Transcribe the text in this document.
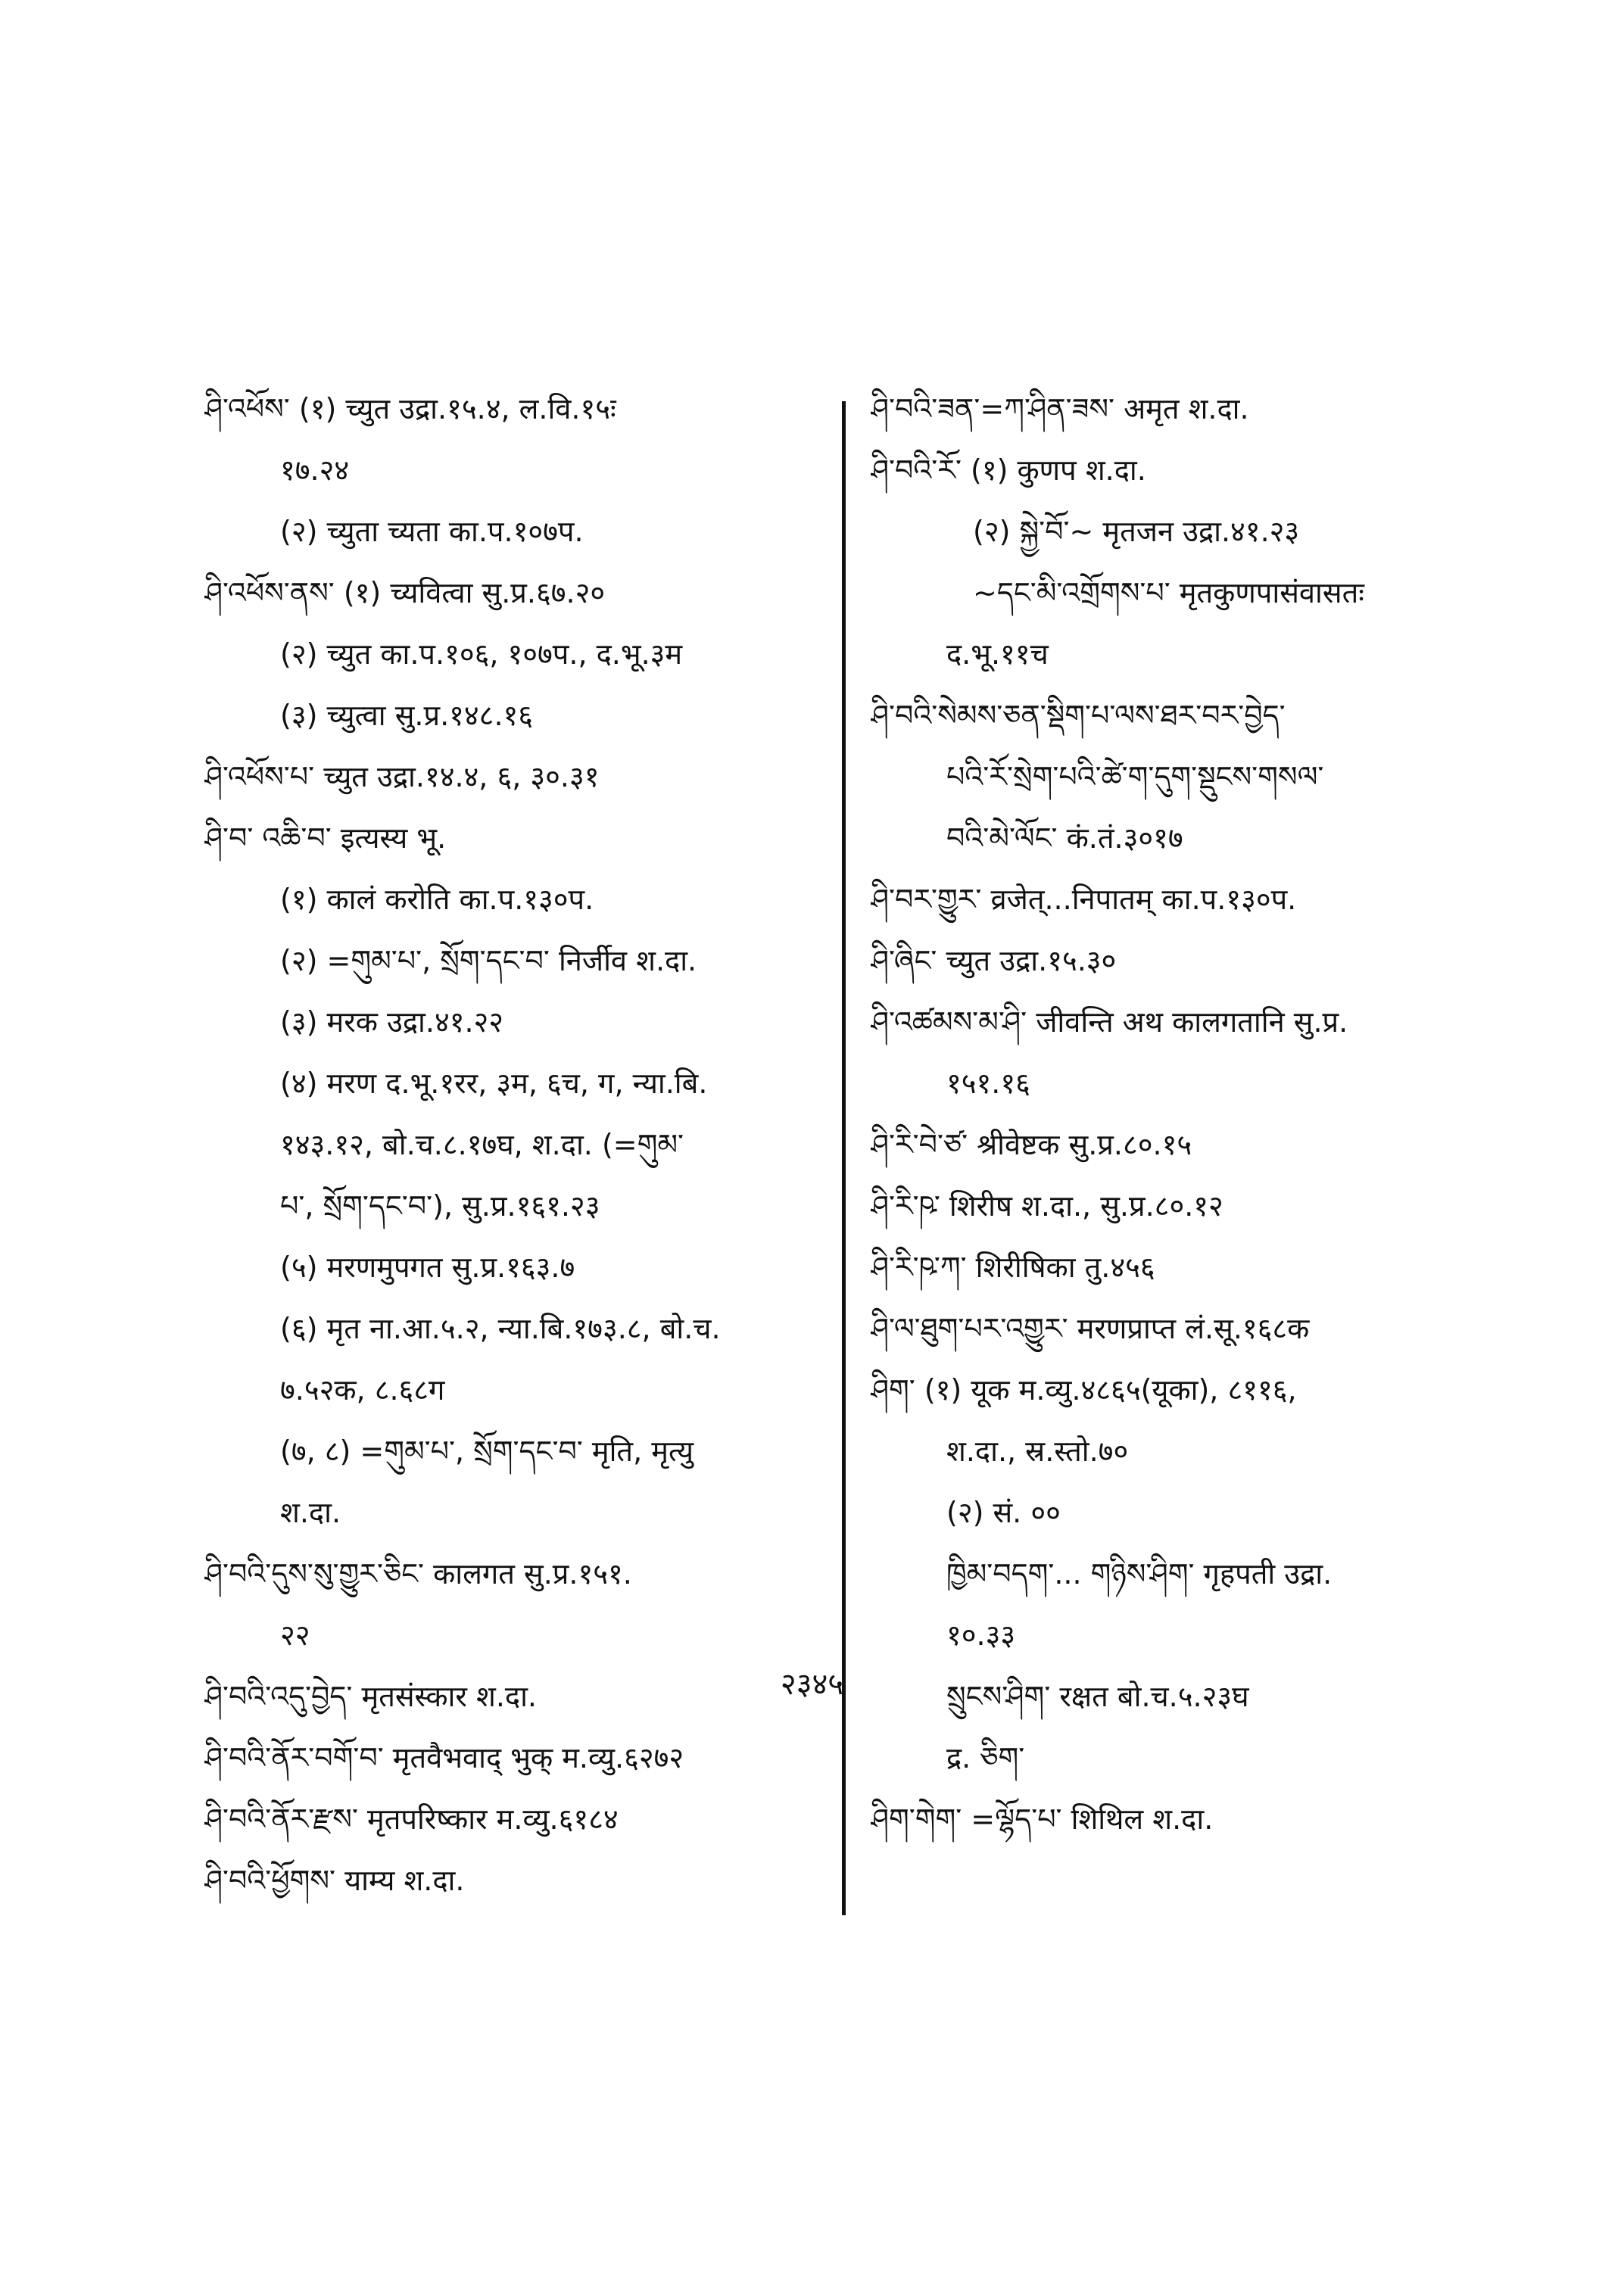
ཤི་འཕོས་ (१) च्युत उद्रा.१५.४, ल.वि.१५ः
१७.२४
(२) च्युता च्यता का.प.१०७प.
ཤི་འཕོས་ནས་ (१) च्यवित्वा सु.प्र.६७.२०
(२) च्युत का.प.१०६, १०७प., द.भू.३म
(३) च्युत्वा सु.प्र.१४८.१६
ཤི་འཕོས་པ་ च्युत उद्रा.१४.४, ६, ३०.३१
ཤི་བ་ འཆི་བ་ इत्यस्य भू.
(१) कालं करोति का.प.१३०प.
(२) =གུམ་པ་, སྲོག་དང་བ་ निर्जीव श.दा.
(३) मरक उद्रा.४१.२२
(४) मरण द.भू.१रर, ३म, ६च, ग, न्या.बि.
१४३.१२, बो.च.८.१७घ, श.दा. (=གུམ་
པ་, སྲོག་དང་བ་), सु.प्र.१६१.२३
(५) मरणमुपगत सु.प्र.१६३.७
(६) मृत ना.आ.५.२, न्या.बि.१७३.८, बो.च.
७.५२क, ८.६८ग
(७, ८) =གུམ་པ་, སྲོག་དང་བ་ मृति, मृत्यु
श.दा.
ཤི་བའི་དུས་སུ་གྱུར་ཅིང་ कालगत सु.प्र.१५१.
२२
ཤི་བའི་འདུ་བྱེད་ मृतसंस्कार श.दा.
ཤི་བའི་ནོར་བགོ་བ་ मृतवैभवाद् भुक् म.व्यु.६२७२
ཤི་བའི་ནོར་རྫས་ मृतपरिष्कार म.व्यु.६१८४
ཤི་བའི་ཕྱོགས་ याम्य श.दा.
ཤི་བའི་ཟན་=ཀ་ཤིན་ཟས་ अमृत श.दा.
ཤི་བའི་རོ་ (१) कुणप श.दा.
(२) སྐྱེ་བོ་~ मृतजन उद्रा.४१.२३
~དང་མི་འགྲོགས་པ་ मृतकुणपासंवासतः
द.भू.११च
ཤི་བའི་སེམས་ཅན་སྡིག་པ་ལས་ཐར་བར་བྱེད་
པའི་རོ་སྲེག་པའི་ཚེ་ག་དུག་སྡུངས་གསལ་
བའི་མེ་ལོང་ कं.तं.३०१७
ཤི་བར་གྱུར་ व्रजेत्...निपातम् का.प.१३०प.
ཤི་ཞིང་ च्युत उद्रा.१५.३०
ཤི་འཚམས་མ་ཤི་ जीवन्ति अथ कालगतानि सु.प्र.
१५१.१६
ཤི་རི་བེ་ཙ་ श्रीवेष्टक सु.प्र.८०.१५
ཤི་རི་ཥ་ शिरीष श.दा., सु.प्र.८०.१२
ཤི་རི་ཥ་ཀ་ शिरीषिका तु.४५६
ཤི་ལ་ཐུག་པར་འགྱུར་ मरणप्राप्त लं.सू.१६८क
ཤིག་ (१) यूक म.व्यु.४८६५(यूका), ८११६,
श.दा., स्र.स्तो.७०
(२) सं. ००
ཁྱིམ་བདག་... གཉིས་ཤིག་ गृहपती उद्रा.
१०.३३
སྲུངས་ཤིག་ रक्षत बो.च.५.२३घ
द्र. ཅིག་
ཤིག་གེག་ =ལྷོད་པ་ शिथिल श.दा.
२३४५
